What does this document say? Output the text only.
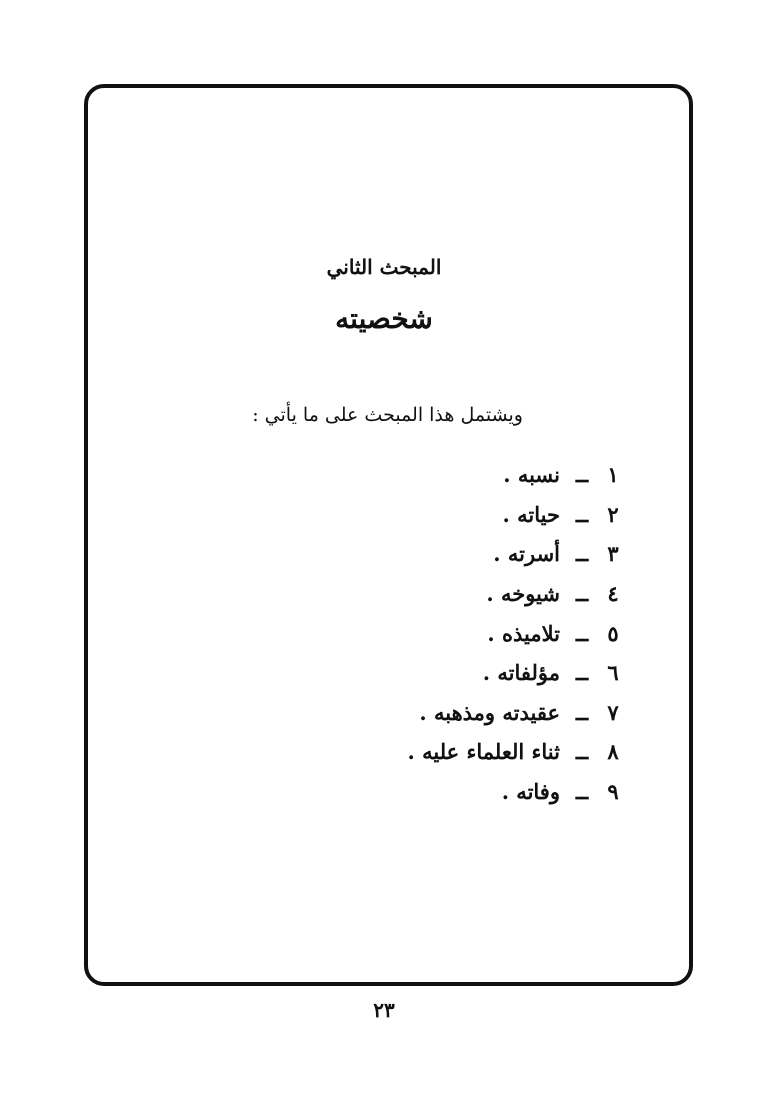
المبحث الثاني
شخصيته
ويشتمل هذا المبحث على ما يأتي :
١
ــ
نسبه .
٢
ــ
حياته .
٣
ــ
أسرته .
٤
ــ
شيوخه .
٥
ــ
تلاميذه .
٦
ــ
مؤلفاته .
٧
ــ
عقيدته ومذهبه .
٨
ــ
ثناء العلماء عليه .
٩
ــ
وفاته .
٢٣
